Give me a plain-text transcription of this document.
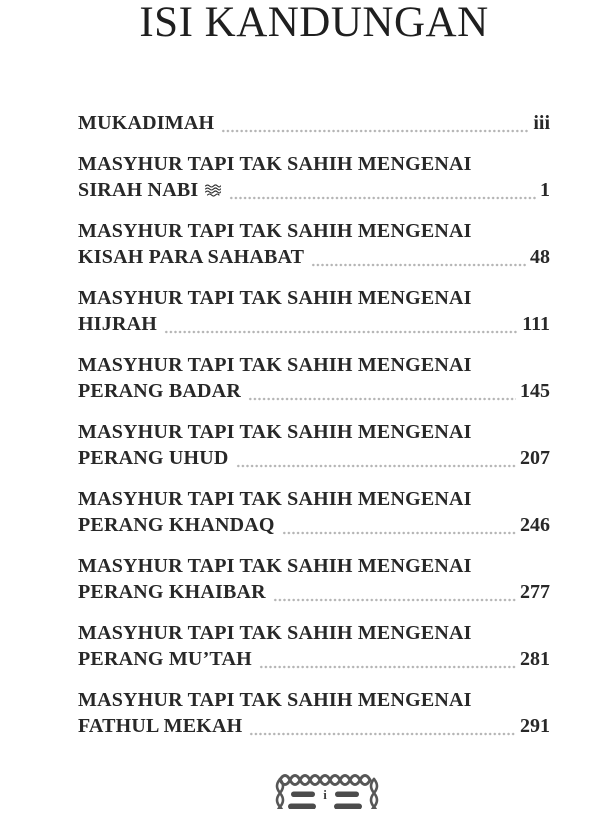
ISI KANDUNGAN
MUKADIMAH	iii
MASYHUR TAPI TAK SAHIH MENGENAI
SIRAH NABI	1
MASYHUR TAPI TAK SAHIH MENGENAI
KISAH PARA SAHABAT	48
MASYHUR TAPI TAK SAHIH MENGENAI
HIJRAH	111
MASYHUR TAPI TAK SAHIH MENGENAI
PERANG BADAR	145
MASYHUR TAPI TAK SAHIH MENGENAI
PERANG UHUD	207
MASYHUR TAPI TAK SAHIH MENGENAI
PERANG KHANDAQ	246
MASYHUR TAPI TAK SAHIH MENGENAI
PERANG KHAIBAR	277
MASYHUR TAPI TAK SAHIH MENGENAI
PERANG MU’TAH	281
MASYHUR TAPI TAK SAHIH MENGENAI
FATHUL MEKAH	291
i
